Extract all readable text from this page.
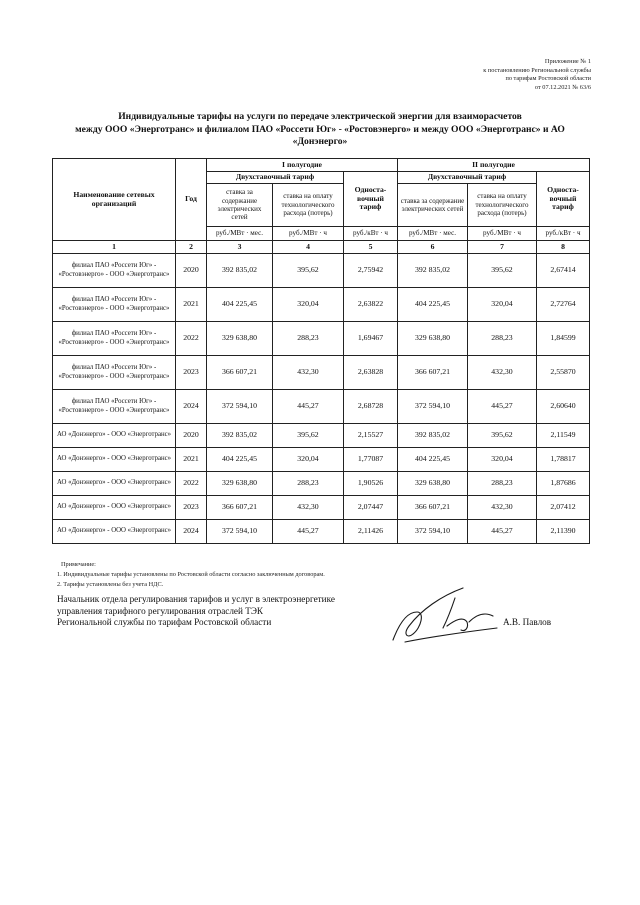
Приложение № 1
к постановлению Региональной службы
по тарифам Ростовской области
от 07.12.2021 № 63/6
Индивидуальные тарифы на услуги по передаче электрической энергии для взаиморасчетов
между ООО «Энерготранс» и филиалом ПАО «Россети Юг» - «Ростовэнерго» и между ООО «Энерготранс» и АО
«Донэнерго»
Наименование сетевых организаций	Год	I полугодие			II полугодие		
		Двухставочный тариф		Односта-вочный тариф	Двухставочный тариф		Односта-вочный тариф
		ставка за содержание электрических сетей	ставка на оплату технологического расхода (потерь)		ставка за содержание электрических сетей	ставка на оплату технологического расхода (потерь)	
		руб./МВт · мес.	руб./МВт · ч	руб./кВт · ч	руб./МВт · мес.	руб./МВт · ч	руб./кВт · ч
1	2	3	4	5	6	7	8
филиал ПАО «Россети Юг» - «Ростовэнерго» - ООО «Энерготранс»	2020	392 835,02	395,62	2,75942	392 835,02	395,62	2,67414
филиал ПАО «Россети Юг» - «Ростовэнерго» - ООО «Энерготранс»	2021	404 225,45	320,04	2,63822	404 225,45	320,04	2,72764
филиал ПАО «Россети Юг» - «Ростовэнерго» - ООО «Энерготранс»	2022	329 638,80	288,23	1,69467	329 638,80	288,23	1,84599
филиал ПАО «Россети Юг» - «Ростовэнерго» - ООО «Энерготранс»	2023	366 607,21	432,30	2,63828	366 607,21	432,30	2,55870
филиал ПАО «Россети Юг» - «Ростовэнерго» - ООО «Энерготранс»	2024	372 594,10	445,27	2,68728	372 594,10	445,27	2,60640
АО «Донэнерго» - ООО «Энерготранс»	2020	392 835,02	395,62	2,15527	392 835,02	395,62	2,11549
АО «Донэнерго» - ООО «Энерготранс»	2021	404 225,45	320,04	1,77087	404 225,45	320,04	1,78817
АО «Донэнерго» - ООО «Энерготранс»	2022	329 638,80	288,23	1,90526	329 638,80	288,23	1,87686
АО «Донэнерго» - ООО «Энерготранс»	2023	366 607,21	432,30	2,07447	366 607,21	432,30	2,07412
АО «Донэнерго» - ООО «Энерготранс»	2024	372 594,10	445,27	2,11426	372 594,10	445,27	2,11390
Примечание:
1. Индивидуальные тарифы установлены по Ростовской области согласно заключенным договорам.
2. Тарифы установлены без учета НДС.
Начальник отдела регулирования тарифов и услуг в электроэнергетике
управления тарифного регулирования отраслей ТЭК
Региональной службы по тарифам Ростовской области	А.В. Павлов
